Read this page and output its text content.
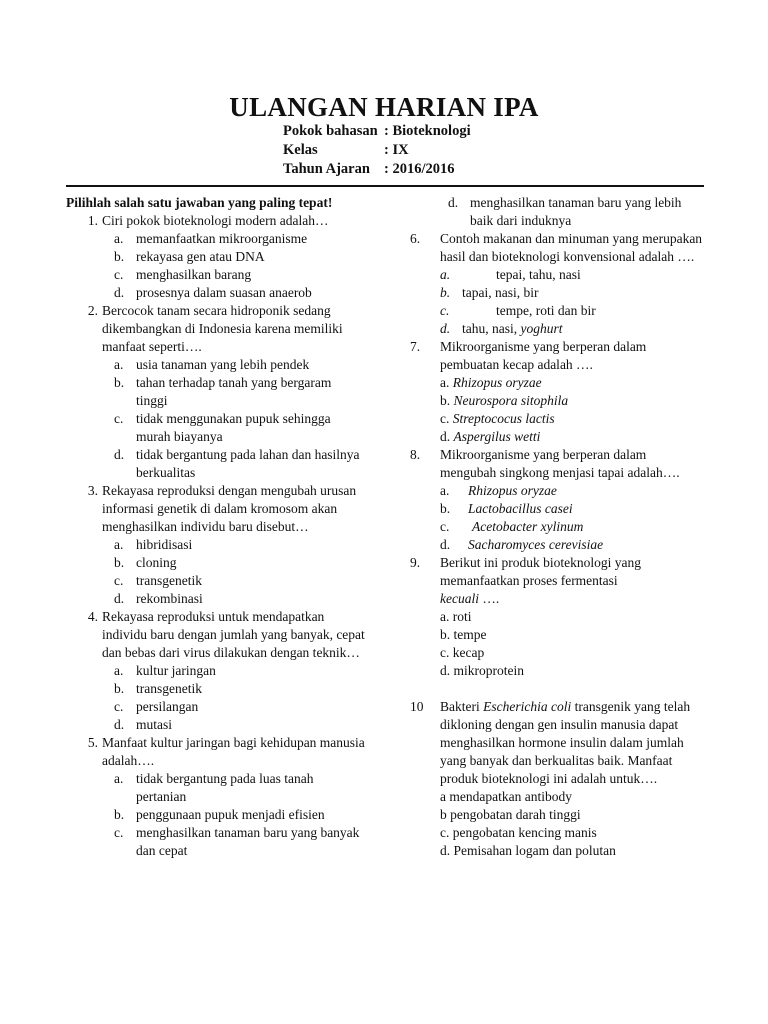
ULANGAN HARIAN IPA
Pokok bahasan : Bioteknologi
Kelas	: IX
Tahun Ajaran : 2016/2016
Pilihlah salah satu jawaban yang paling tepat!
1. Ciri pokok bioteknologi modern adalah…
a. memanfaatkan mikroorganisme
b. rekayasa gen atau DNA
c. menghasilkan barang
d. prosesnya dalam suasan anaerob
2. Bercocok tanam secara hidroponik sedang dikembangkan di Indonesia karena memiliki manfaat seperti….
a. usia tanaman yang lebih pendek
b. tahan terhadap tanah yang bergaram tinggi
c. tidak menggunakan pupuk sehingga murah biayanya
d. tidak bergantung pada lahan dan hasilnya berkualitas
3. Rekayasa reproduksi dengan mengubah urusan informasi genetik di dalam kromosom akan menghasilkan individu baru disebut…
a. hibridisasi
b. cloning
c. transgenetik
d. rekombinasi
4. Rekayasa reproduksi untuk mendapatkan individu baru dengan jumlah yang banyak, cepat dan bebas dari virus dilakukan dengan teknik…
a. kultur jaringan
b. transgenetik
c. persilangan
d. mutasi
5. Manfaat kultur jaringan bagi kehidupan manusia adalah….
a. tidak bergantung pada luas tanah pertanian
b. penggunaan pupuk menjadi efisien
c. menghasilkan tanaman baru yang banyak dan cepat
d. menghasilkan tanaman baru yang lebih baik dari induknya
6.	Contoh makanan dan minuman yang merupakan hasil dan bioteknologi konvensional adalah ….
a.	tepai, tahu, nasi
b. tapai, nasi, bir
c.	tempe, roti dan bir
d. tahu, nasi, yoghurt
7.	Mikroorganisme yang berperan dalam pembuatan kecap adalah ….
a.
Rhizopus oryzae
b.
Neurospora sitophila
c.
Streptococus lactis
d.
Aspergilus wetti
8.	Mikroorganisme yang berperan dalam mengubah singkong menjasi tapai adalah….
a.	Rhizopus oryzae
b.	Lactobacillus casei
c.	Acetobacter xylinum
d.	Sacharomyces cerevisiae
9.	Berikut ini produk bioteknologi yang memanfaatkan proses fermentasi
kecuali ….
a.
roti
b.
tempe
c.
kecap
d.
mikroprotein
10	Bakteri Escherichia coli transgenik yang telah dikloning dengan gen insulin manusia dapat menghasilkan hormone insulin dalam jumlah yang banyak dan berkualitas baik. Manfaat produk bioteknologi ini adalah untuk….
a
mendapatkan antibody
b
pengobatan darah tinggi
c.
pengobatan kencing manis
d.
Pemisahan logam dan polutan
